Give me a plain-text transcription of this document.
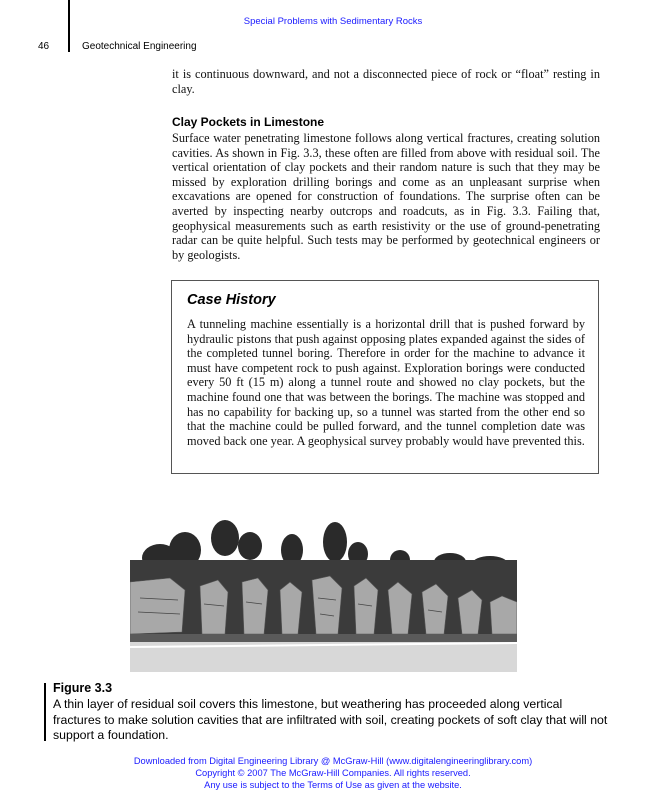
Special Problems with Sedimentary Rocks
46	Geotechnical Engineering
it is continuous downward, and not a disconnected piece of rock or “float” resting in clay.
Clay Pockets in Limestone
Surface water penetrating limestone follows along vertical fractures, creating solution cavities. As shown in Fig. 3.3, these often are filled from above with residual soil. The vertical orientation of clay pockets and their random nature is such that they may be missed by exploration drilling borings and come as an unpleasant surprise when excavations are opened for construction of foundations. The surprise often can be averted by inspecting nearby outcrops and roadcuts, as in Fig. 3.3. Failing that, geophysical measurements such as earth resistivity or the use of ground-penetrating radar can be quite helpful. Such tests may be performed by geotechnical engineers or by geologists.
Case History
A tunneling machine essentially is a horizontal drill that is pushed forward by hydraulic pistons that push against opposing plates expanded against the sides of the completed tunnel boring. Therefore in order for the machine to advance it must have competent rock to push against. Exploration borings were conducted every 50 ft (15 m) along a tunnel route and showed no clay pockets, but the machine found one that was between the borings. The machine was stopped and has no capability for backing up, so a tunnel was started from the other end so that the machine could be pulled forward, and the tunnel completion date was moved back one year. A geophysical survey probably would have prevented this.
Figure 3.3
A thin layer of residual soil covers this limestone, but weathering has proceeded along vertical fractures to make solution cavities that are infiltrated with soil, creating pockets of soft clay that will not support a foundation.
Downloaded from Digital Engineering Library @ McGraw-Hill (www.digitalengineeringlibrary.com)
Copyright © 2007 The McGraw-Hill Companies. All rights reserved.
Any use is subject to the Terms of Use as given at the website.
